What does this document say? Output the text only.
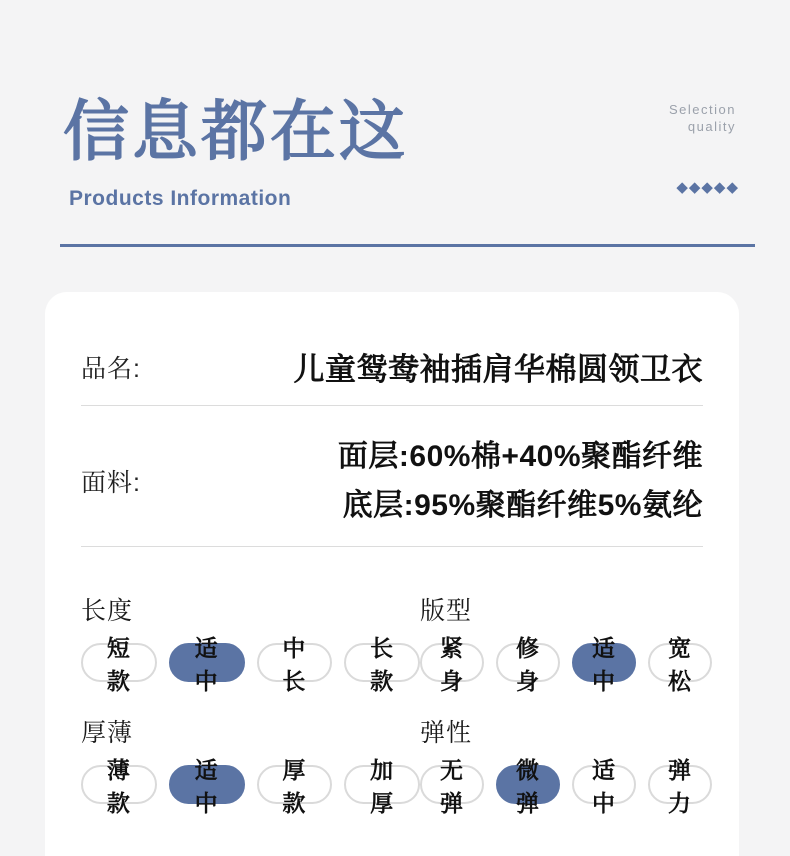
信息都在这
Products Information
Selection
quality
◆◆◆◆◆
品名:	儿童鸳鸯袖插肩华棉圆领卫衣
面料:
面层:60%棉+40%聚酯纤维
底层:95%聚酯纤维5%氨纶
长度
短款
适中
中长
长款
版型
紧身
修身
适中
宽松
厚薄
薄款
适中
厚款
加厚
弹性
无弹
微弹
适中
弹力
